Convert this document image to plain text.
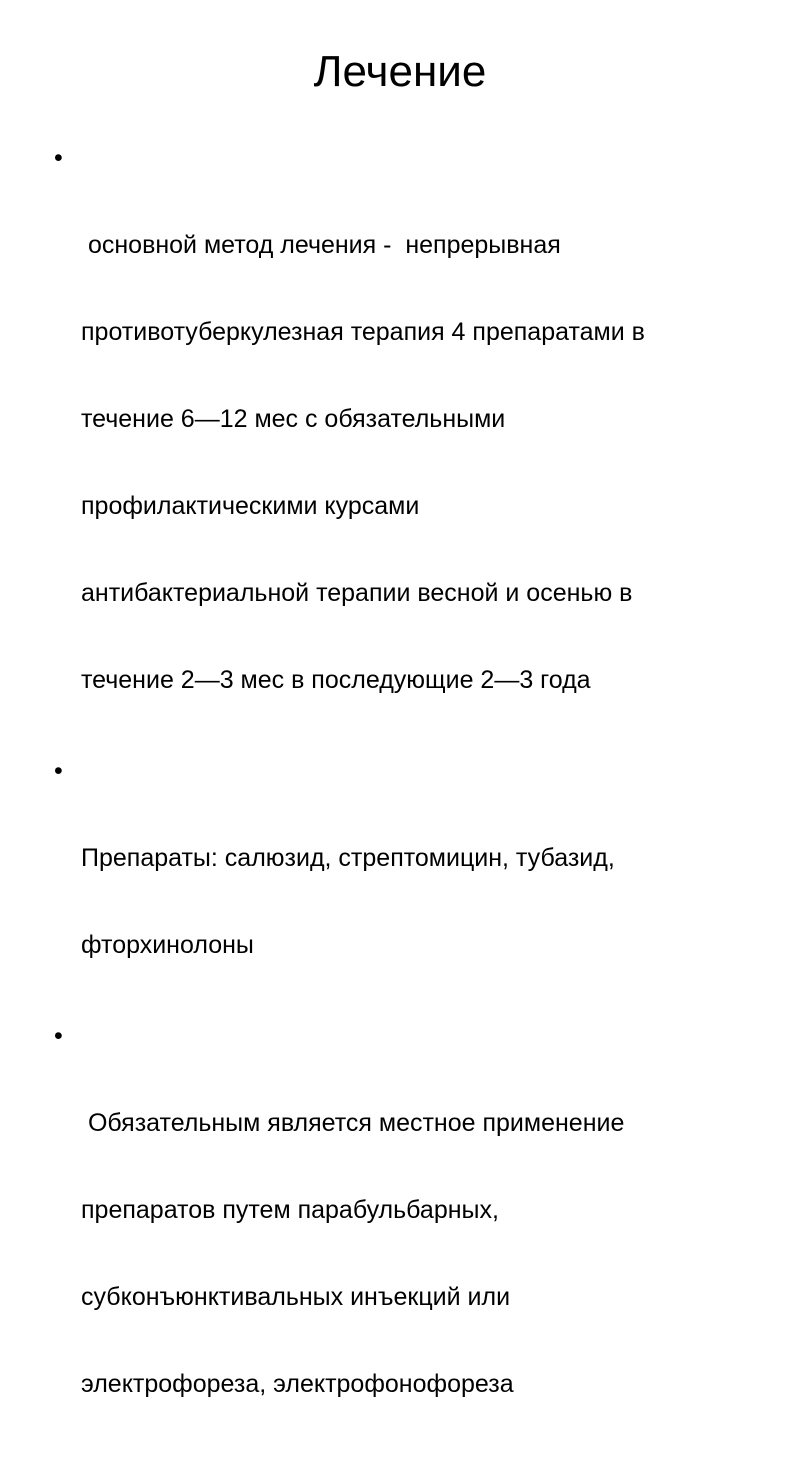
Лечение

•

основной метод лечения -  непрерывная

противотуберкулезная терапия 4 препаратами в

течение 6—12 мес с обязательными

профилактическими курсами

антибактериальной терапии весной и осенью в

течение 2—3 мес в последующие 2—3 года

•

Препараты: салюзид, стрептомицин, тубазид,

фторхинолоны

•

Обязательным является местное применение

препаратов путем парабульбарных,

субконъюнктивальных инъекций или

электрофореза, электрофонофореза
